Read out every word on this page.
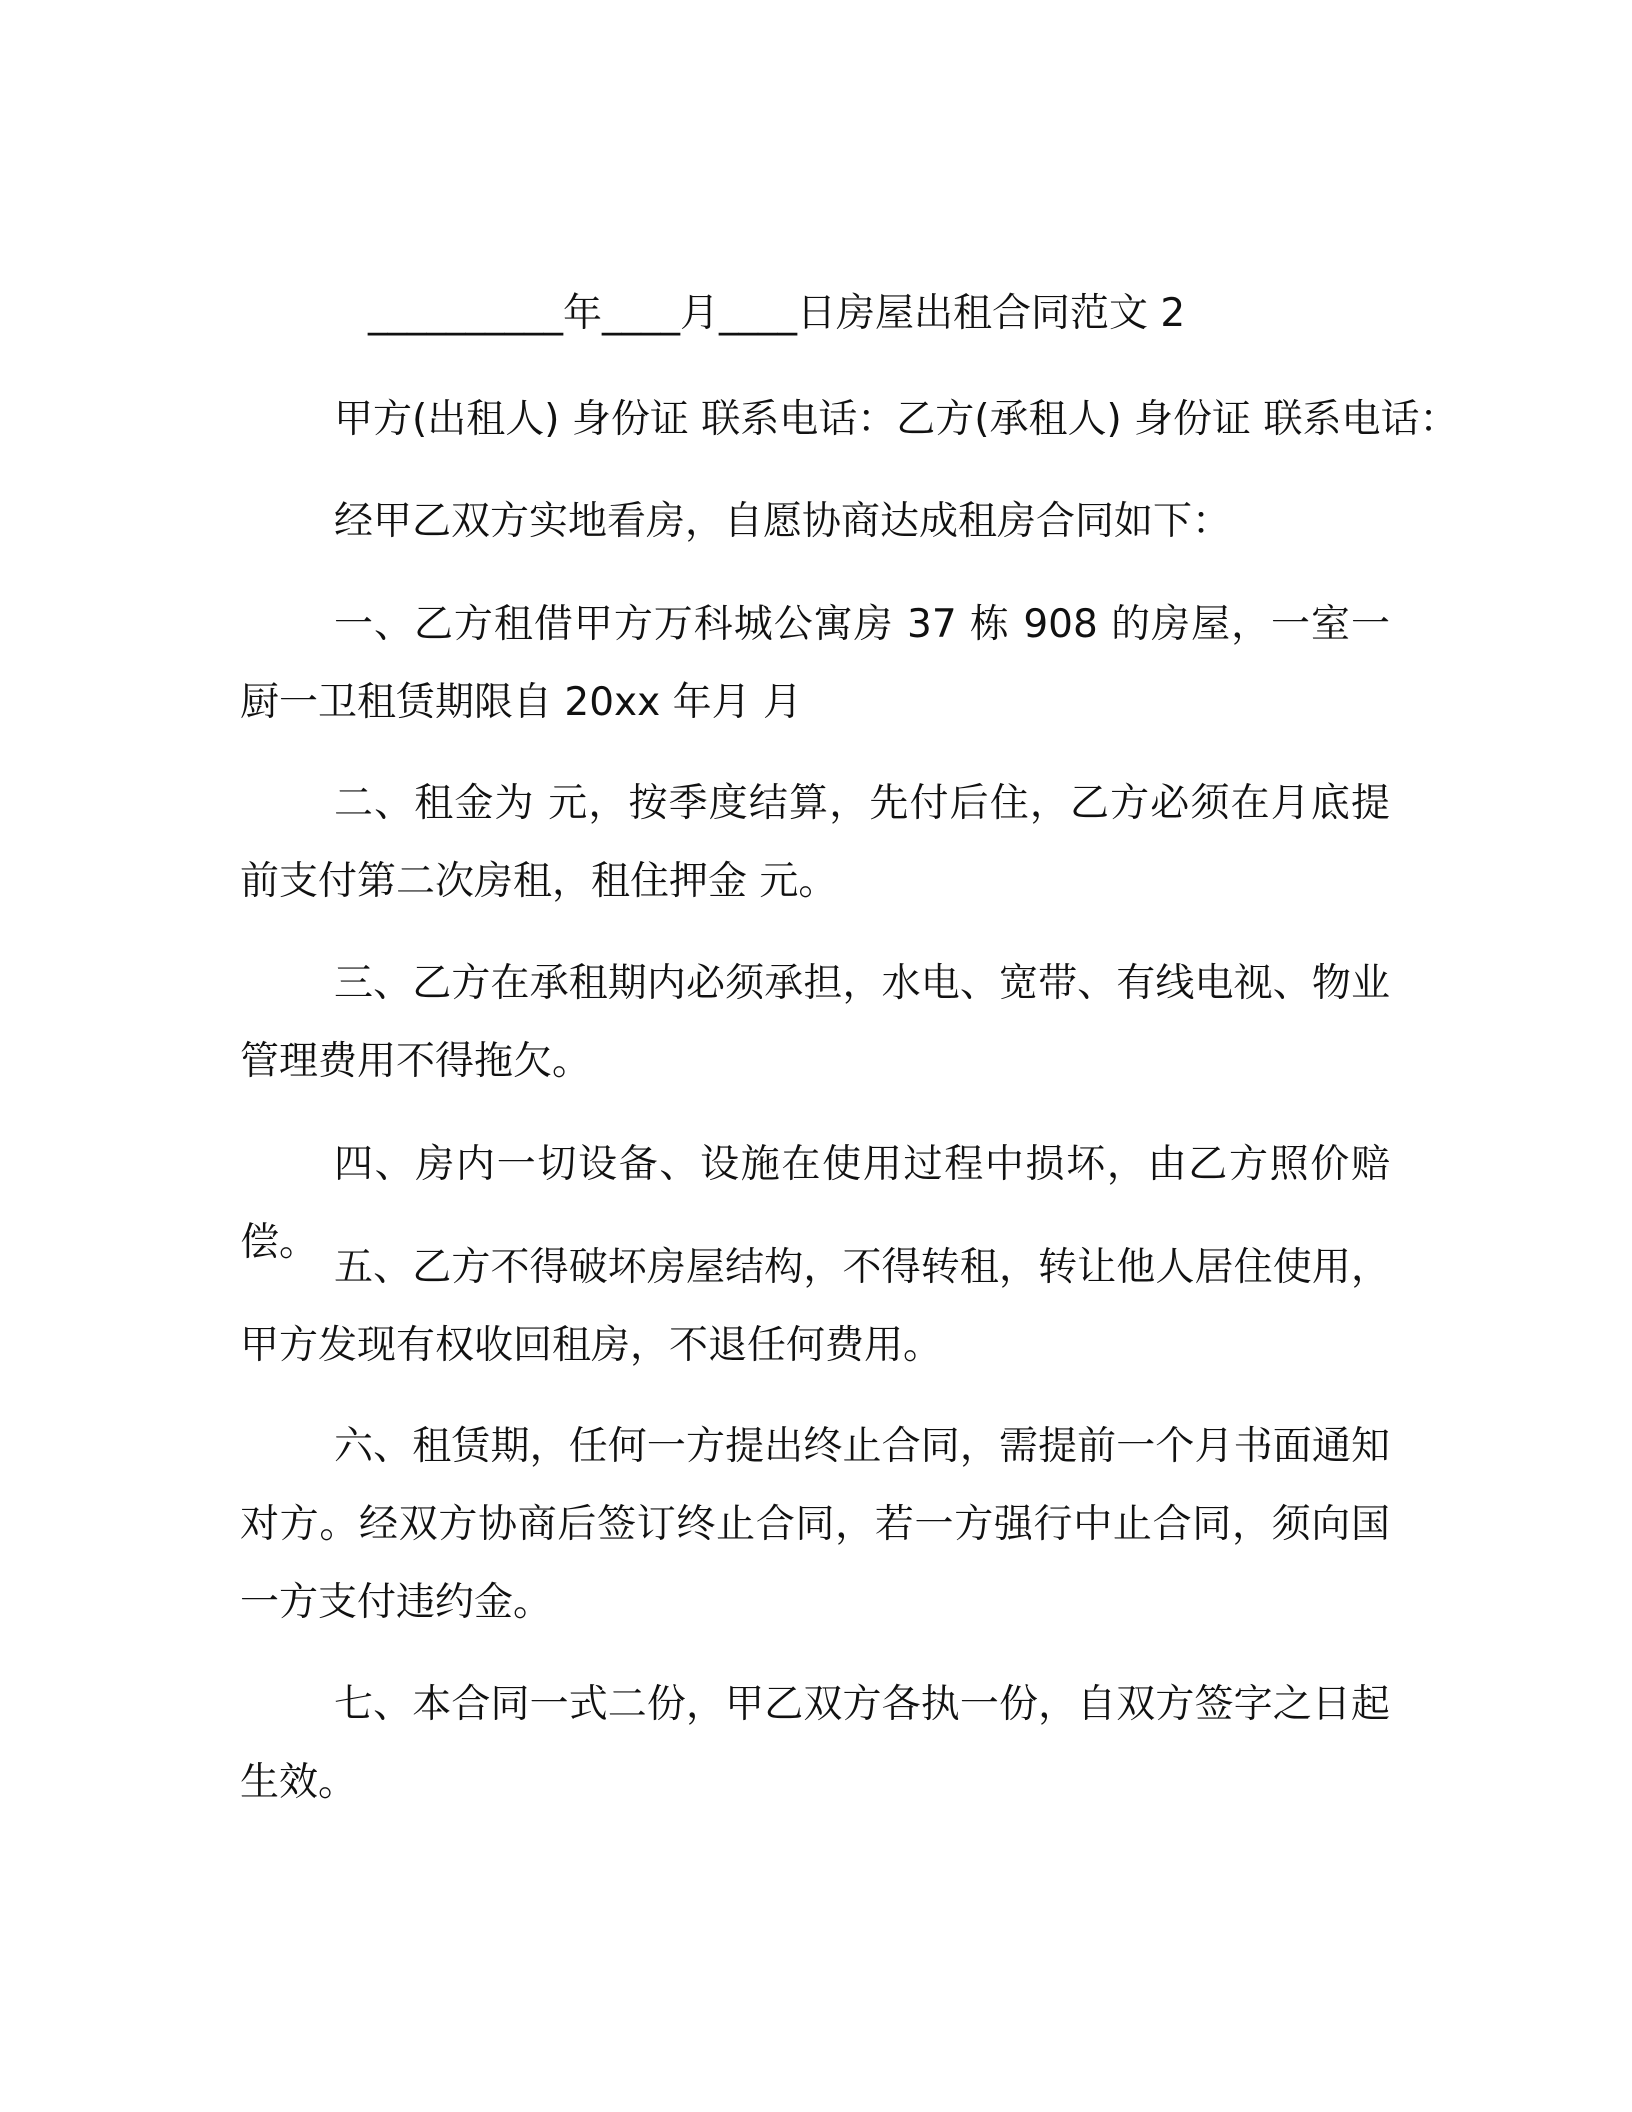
__________年____月____日房屋出租合同范文 2

甲方(出租人) 身份证 联系电话：乙方(承租人) 身份证 联系电话：

经甲乙双方实地看房，自愿协商达成租房合同如下：

一、乙方租借甲方万科城公寓房 37 栋 908 的房屋，一室一厨一卫租赁期限自 20xx 年月 月

二、租金为 元，按季度结算，先付后住，乙方必须在月底提前支付第二次房租，租住押金 元。

三、乙方在承租期内必须承担，水电、宽带、有线电视、物业管理费用不得拖欠。

四、房内一切设备、设施在使用过程中损坏，由乙方照价赔偿。

五、乙方不得破坏房屋结构，不得转租，转让他人居住使用，甲方发现有权收回租房，不退任何费用。

六、租赁期，任何一方提出终止合同，需提前一个月书面通知对方。经双方协商后签订终止合同，若一方强行中止合同，须向国一方支付违约金。

七、本合同一式二份，甲乙双方各执一份，自双方签字之日起生效。
